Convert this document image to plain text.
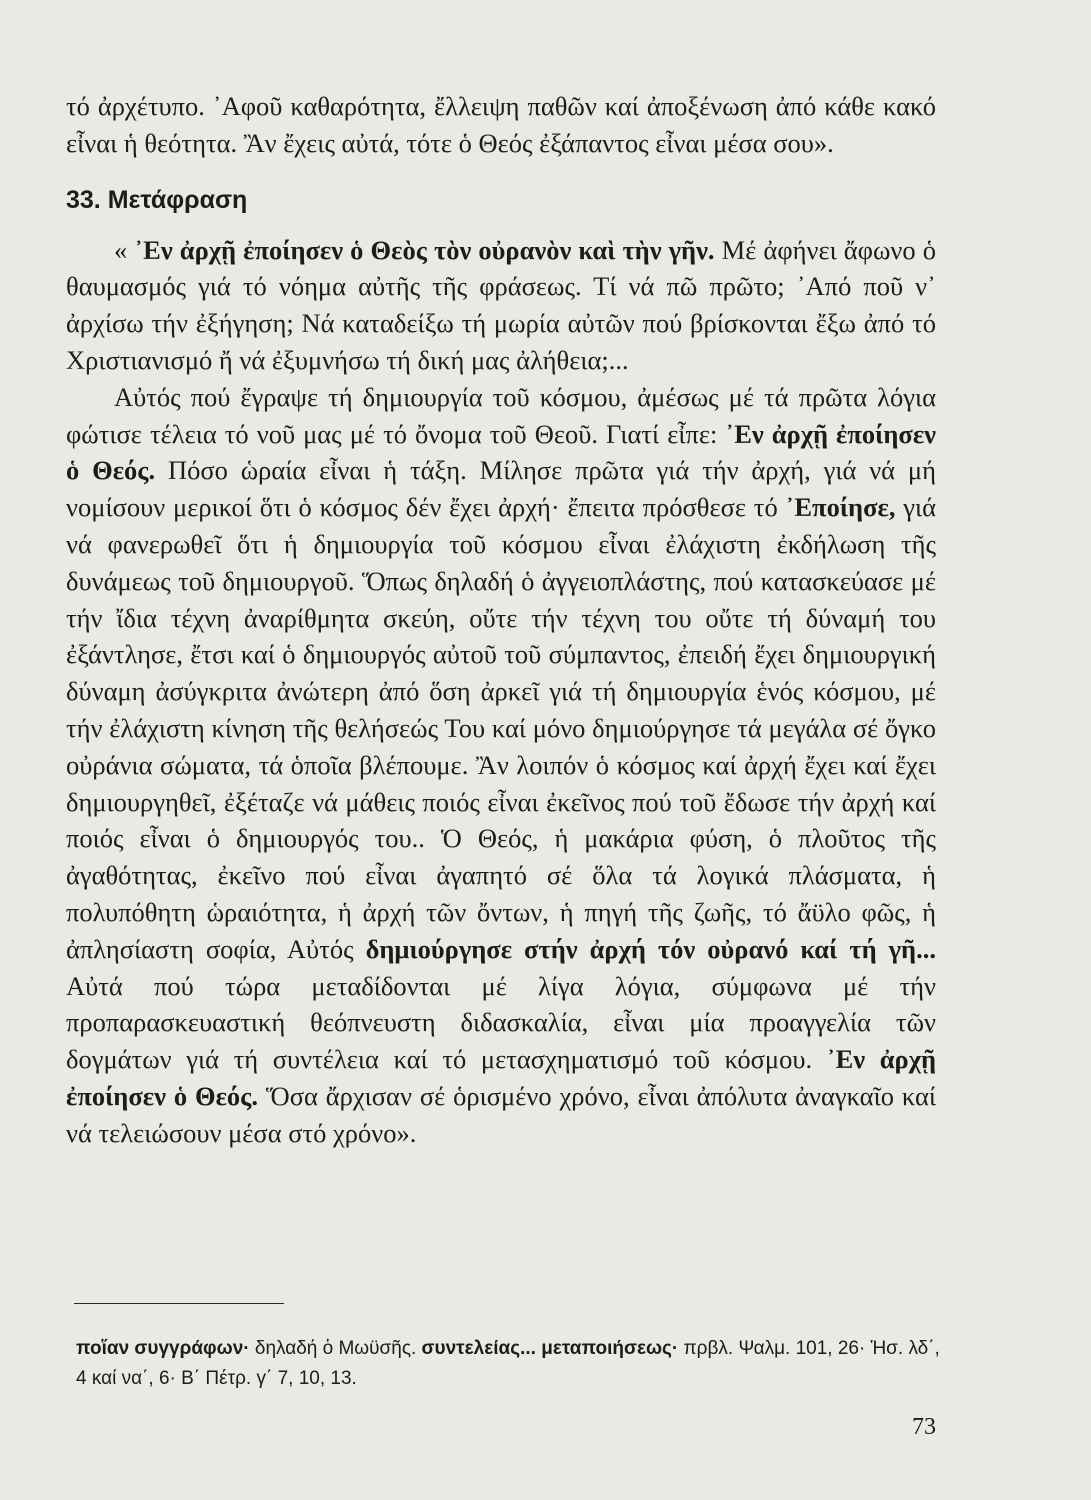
τό ἀρχέτυπο. ᾿Αφοῦ καθαρότητα, ἔλλειψη παθῶν καί ἀποξένωση ἀπό κάθε κακό εἶναι ἡ θεότητα. Ἂν ἔχεις αὐτά, τότε ὁ Θεός ἐξάπαντος εἶναι μέσα σου».

33. Μετάφραση

« ᾿Εν ἀρχῇ ἐποίησεν ὁ Θεὸς τὸν οὐρανὸν καὶ τὴν γῆν. Μέ ἀφήνει ἄφωνο ὁ θαυμασμός γιά τό νόημα αὐτῆς τῆς φράσεως. Τί νά πῶ πρῶτο; ᾿Από ποῦ ν᾿ ἀρχίσω τήν ἐξήγηση; Νά καταδείξω τή μωρία αὐτῶν πού βρίσκονται ἔξω ἀπό τό Χριστιανισμό ἤ νά ἐξυμνήσω τή δική μας ἀλήθεια;...

Αὐτός πού ἔγραψε τή δημιουργία τοῦ κόσμου, ἀμέσως μέ τά πρῶτα λόγια φώτισε τέλεια τό νοῦ μας μέ τό ὄνομα τοῦ Θεοῦ. Γιατί εἶπε: ᾿Εν ἀρχῇ ἐποίησεν ὁ Θεός. Πόσο ὡραία εἶναι ἡ τάξη. Μίλησε πρῶτα γιά τήν ἀρχή, γιά νά μή νομίσουν μερικοί ὅτι ὁ κόσμος δέν ἔχει ἀρχή· ἔπειτα πρόσθεσε τό ᾿Εποίησε, γιά νά φανερωθεῖ ὅτι ἡ δημιουργία τοῦ κόσμου εἶναι ἐλάχιστη ἐκδήλωση τῆς δυνάμεως τοῦ δημιουργοῦ. Ὅπως δηλαδή ὁ ἀγγειοπλάστης, πού κατασκεύασε μέ τήν ἴδια τέχνη ἀναρίθμητα σκεύη, οὔτε τήν τέχνη του οὔτε τή δύναμή του ἐξάντλησε, ἔτσι καί ὁ δημιουργός αὐτοῦ τοῦ σύμπαντος, ἐπειδή ἔχει δημιουργική δύναμη ἀσύγκριτα ἀνώτερη ἀπό ὅση ἀρκεῖ γιά τή δημιουργία ἑνός κόσμου, μέ τήν ἐλάχιστη κίνηση τῆς θελήσεώς Του καί μόνο δημιούργησε τά μεγάλα σέ ὄγκο οὐράνια σώματα, τά ὁποῖα βλέπουμε. Ἂν λοιπόν ὁ κόσμος καί ἀρχή ἔχει καί ἔχει δημιουργηθεῖ, ἐξέταζε νά μάθεις ποιός εἶναι ἐκεῖνος πού τοῦ ἔδωσε τήν ἀρχή καί ποιός εἶναι ὁ δημιουργός του.. Ὁ Θεός, ἡ μακάρια φύση, ὁ πλοῦτος τῆς ἀγαθότητας, ἐκεῖνο πού εἶναι ἀγαπητό σέ ὅλα τά λογικά πλάσματα, ἡ πολυπόθητη ὡραιότητα, ἡ ἀρχή τῶν ὄντων, ἡ πηγή τῆς ζωῆς, τό ἄϋλο φῶς, ἡ ἀπλησίαστη σοφία, Αὐτός δημιούργησε στήν ἀρχή τόν οὐρανό καί τή γῆ... Αὐτά πού τώρα μεταδίδονται μέ λίγα λόγια, σύμφωνα μέ τήν προπαρασκευαστική θεόπνευστη διδασκαλία, εἶναι μία προαγγελία τῶν δογμάτων γιά τή συντέλεια καί τό μετασχηματισμό τοῦ κόσμου. ᾿Εν ἀρχῇ ἐποίησεν ὁ Θεός. Ὅσα ἄρχισαν σέ ὁρισμένο χρόνο, εἶναι ἀπόλυτα ἀναγκαῖο καί νά τελειώσουν μέσα στό χρόνο».

ποἵαν συγγράφων· δηλαδή ὁ Μωϋσῆς. συντελείας... μεταποιήσεως· πρβλ. Ψαλμ. 101, 26· Ἡσ. λδ΄, 4 καί να΄, 6· Β΄ Πέτρ. γ΄ 7, 10, 13.

73
